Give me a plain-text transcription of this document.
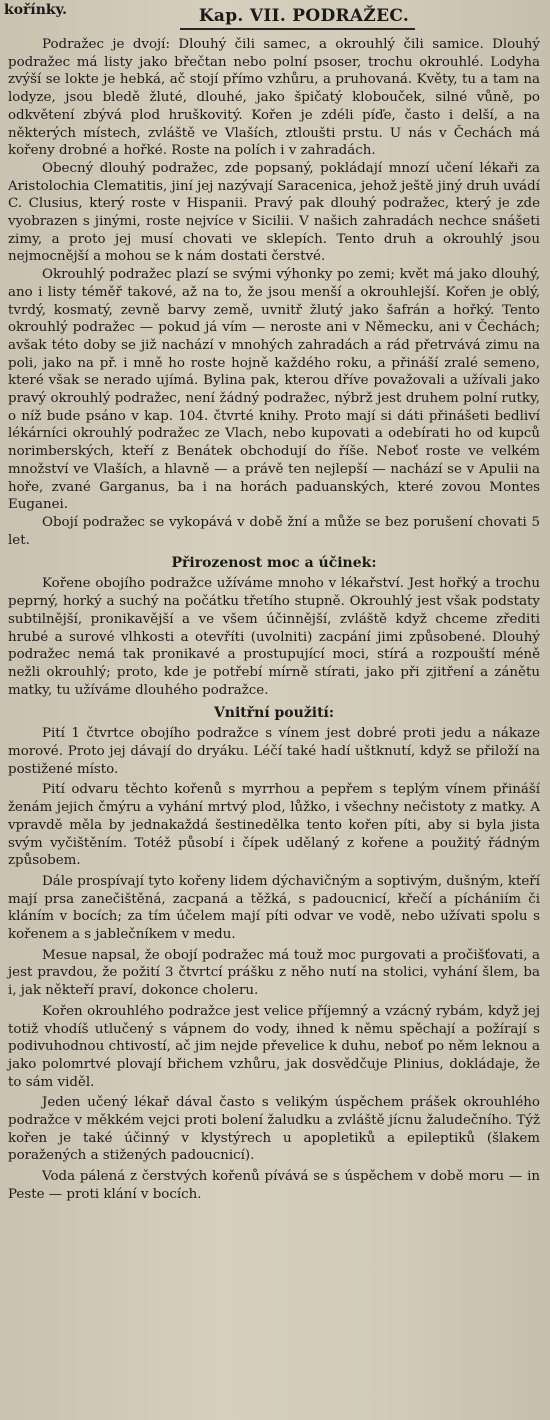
kořínky.	Kap. VII. PODRAŽEC.

Podražec je dvojí: Dlouhý čili samec, a okrouhlý čili samice. Dlouhý podražec má listy jako břečtan nebo polní psoser, trochu okrouhlé. Lodyha zvýší se lokte je hebká, ač stojí přímo vzhůru, a pruhovaná. Květy, tu a tam na lodyze, jsou bledě žluté, dlouhé, jako špičatý klobouček, silné vůně, po odkvětení zbývá plod hruškovitý. Kořen je zdéli píďe, často i delší, a na některých místech, zvláště ve Vlaších, ztloušti prstu. U nás v Čechách má kořeny drobné a hořké. Roste na polích i v zahradách.

Obecný dlouhý podražec, zde popsaný, pokládají mnozí učení lékaři za Aristolochia Clematitis, jiní jej nazývají Saracenica, jehož ještě jiný druh uvádí C. Clusius, který roste v Hispanii. Pravý pak dlouhý podražec, který je zde vyobrazen s jinými, roste nejvíce v Sicilii. V našich zahradách nechce snášeti zimy, a proto jej musí chovati ve sklepích. Tento druh a okrouhlý jsou nejmocnější a mohou se k nám dostati čerstvé.

Okrouhlý podražec plazí se svými výhonky po zemi; květ má jako dlouhý, ano i listy téměř takové, až na to, že jsou menší a okrouhlejší. Kořen je oblý, tvrdý, kosmatý, zevně barvy země, uvnitř žlutý jako šafrán a hořký. Tento okrouhlý podražec — pokud já vím — neroste ani v Německu, ani v Čechách; avšak této doby se již nachází v mnohých zahradách a rád přetrvává zimu na poli, jako na př. i mně ho roste hojně každého roku, a přináší zralé semeno, které však se nerado ujímá. Bylina pak, kterou dříve považovali a užívali jako pravý okrouhlý podražec, není žádný podražec, nýbrž jest druhem polní rutky, o níž bude psáno v kap. 104. čtvrté knihy. Proto mají si dáti přinášeti bedliví lékárníci okrouhlý podražec ze Vlach, nebo kupovati a odebírati ho od kupců norimberských, kteří z Benátek obchodují do říše. Neboť roste ve velkém množství ve Vlaších, a hlavně — a právě ten nejlepší — nachází se v Apulii na hoře, zvané Garganus, ba i na horách paduanských, které zovou Montes Euganei.

Obojí podražec se vykopává v době žní a může se bez porušení chovati 5 let.

Přirozenost moc a účinek:

Kořene obojího podražce užíváme mnoho v lékařství. Jest hořký a trochu peprný, horký a suchý na počátku třetího stupně. Okrouhlý jest však podstaty subtilnější, pronikavější a ve všem účinnější, zvláště když chceme zřediti hrubé a surové vlhkosti a otevříti (uvolniti) zacpání jimi způsobené. Dlouhý podražec nemá tak pronikavé a prostupující moci, stírá a rozpouští méně nežli okrouhlý; proto, kde je potřebí mírně stírati, jako při zjitření a zánětu matky, tu užíváme dlouhého podražce.

Vnitřní použití:

Pití 1 čtvrtce obojího podražce s vínem jest dobré proti jedu a nákaze morové. Proto jej dávají do dryáku. Léčí také hadí uštknutí, když se přiloží na postižené místo.

Pití odvaru těchto kořenů s myrrhou a pepřem s teplým vínem přináší ženám jejich čmýru a vyhání mrtvý plod, lůžko, i všechny nečistoty z matky. A vpravdě měla by jednakaždá šestinedělka tento kořen píti, aby si byla jista svým vyčištěním. Totéž působí i čípek udělaný z kořene a použitý řádným způsobem.

Dále prospívají tyto kořeny lidem dýchavičným a soptivým, dušným, kteří mají prsa zanečištěná, zacpaná a těžká, s padoucnicí, křečí a píchániím či kláním v bocích; za tím účelem mají píti odvar ve vodě, nebo užívati spolu s kořenem a s jablečníkem v medu.

Mesue napsal, že obojí podražec má touž moc purgovati a pročišťovati, a jest pravdou, že požití 3 čtvrtcí prášku z něho nutí na stolici, vyhání šlem, ba i, jak někteří praví, dokonce choleru.

Kořen okrouhlého podražce jest velice příjemný a vzácný rybám, když jej totiž vhodíš utlučený s vápnem do vody, ihned k němu spěchají a požírají s podivuhodnou chtivostí, ač jim nejde převelice k duhu, neboť po něm leknou a jako polomrtvé plovají břichem vzhůru, jak dosvědčuje Plinius, dokládaje, že to sám viděl.

Jeden učený lékař dával často s velikým úspěchem prášek okrouhlého podražce v měkkém vejci proti bolení žaludku a zvláště jícnu žaludečního. Týž kořen je také účinný v klystýrech u apopletiků a epileptiků (šlakem poražených a stižených padoucnicí).

Voda pálená z čerstvých kořenů pívává se s úspěchem v době moru — in Peste — proti klání v bocích.
